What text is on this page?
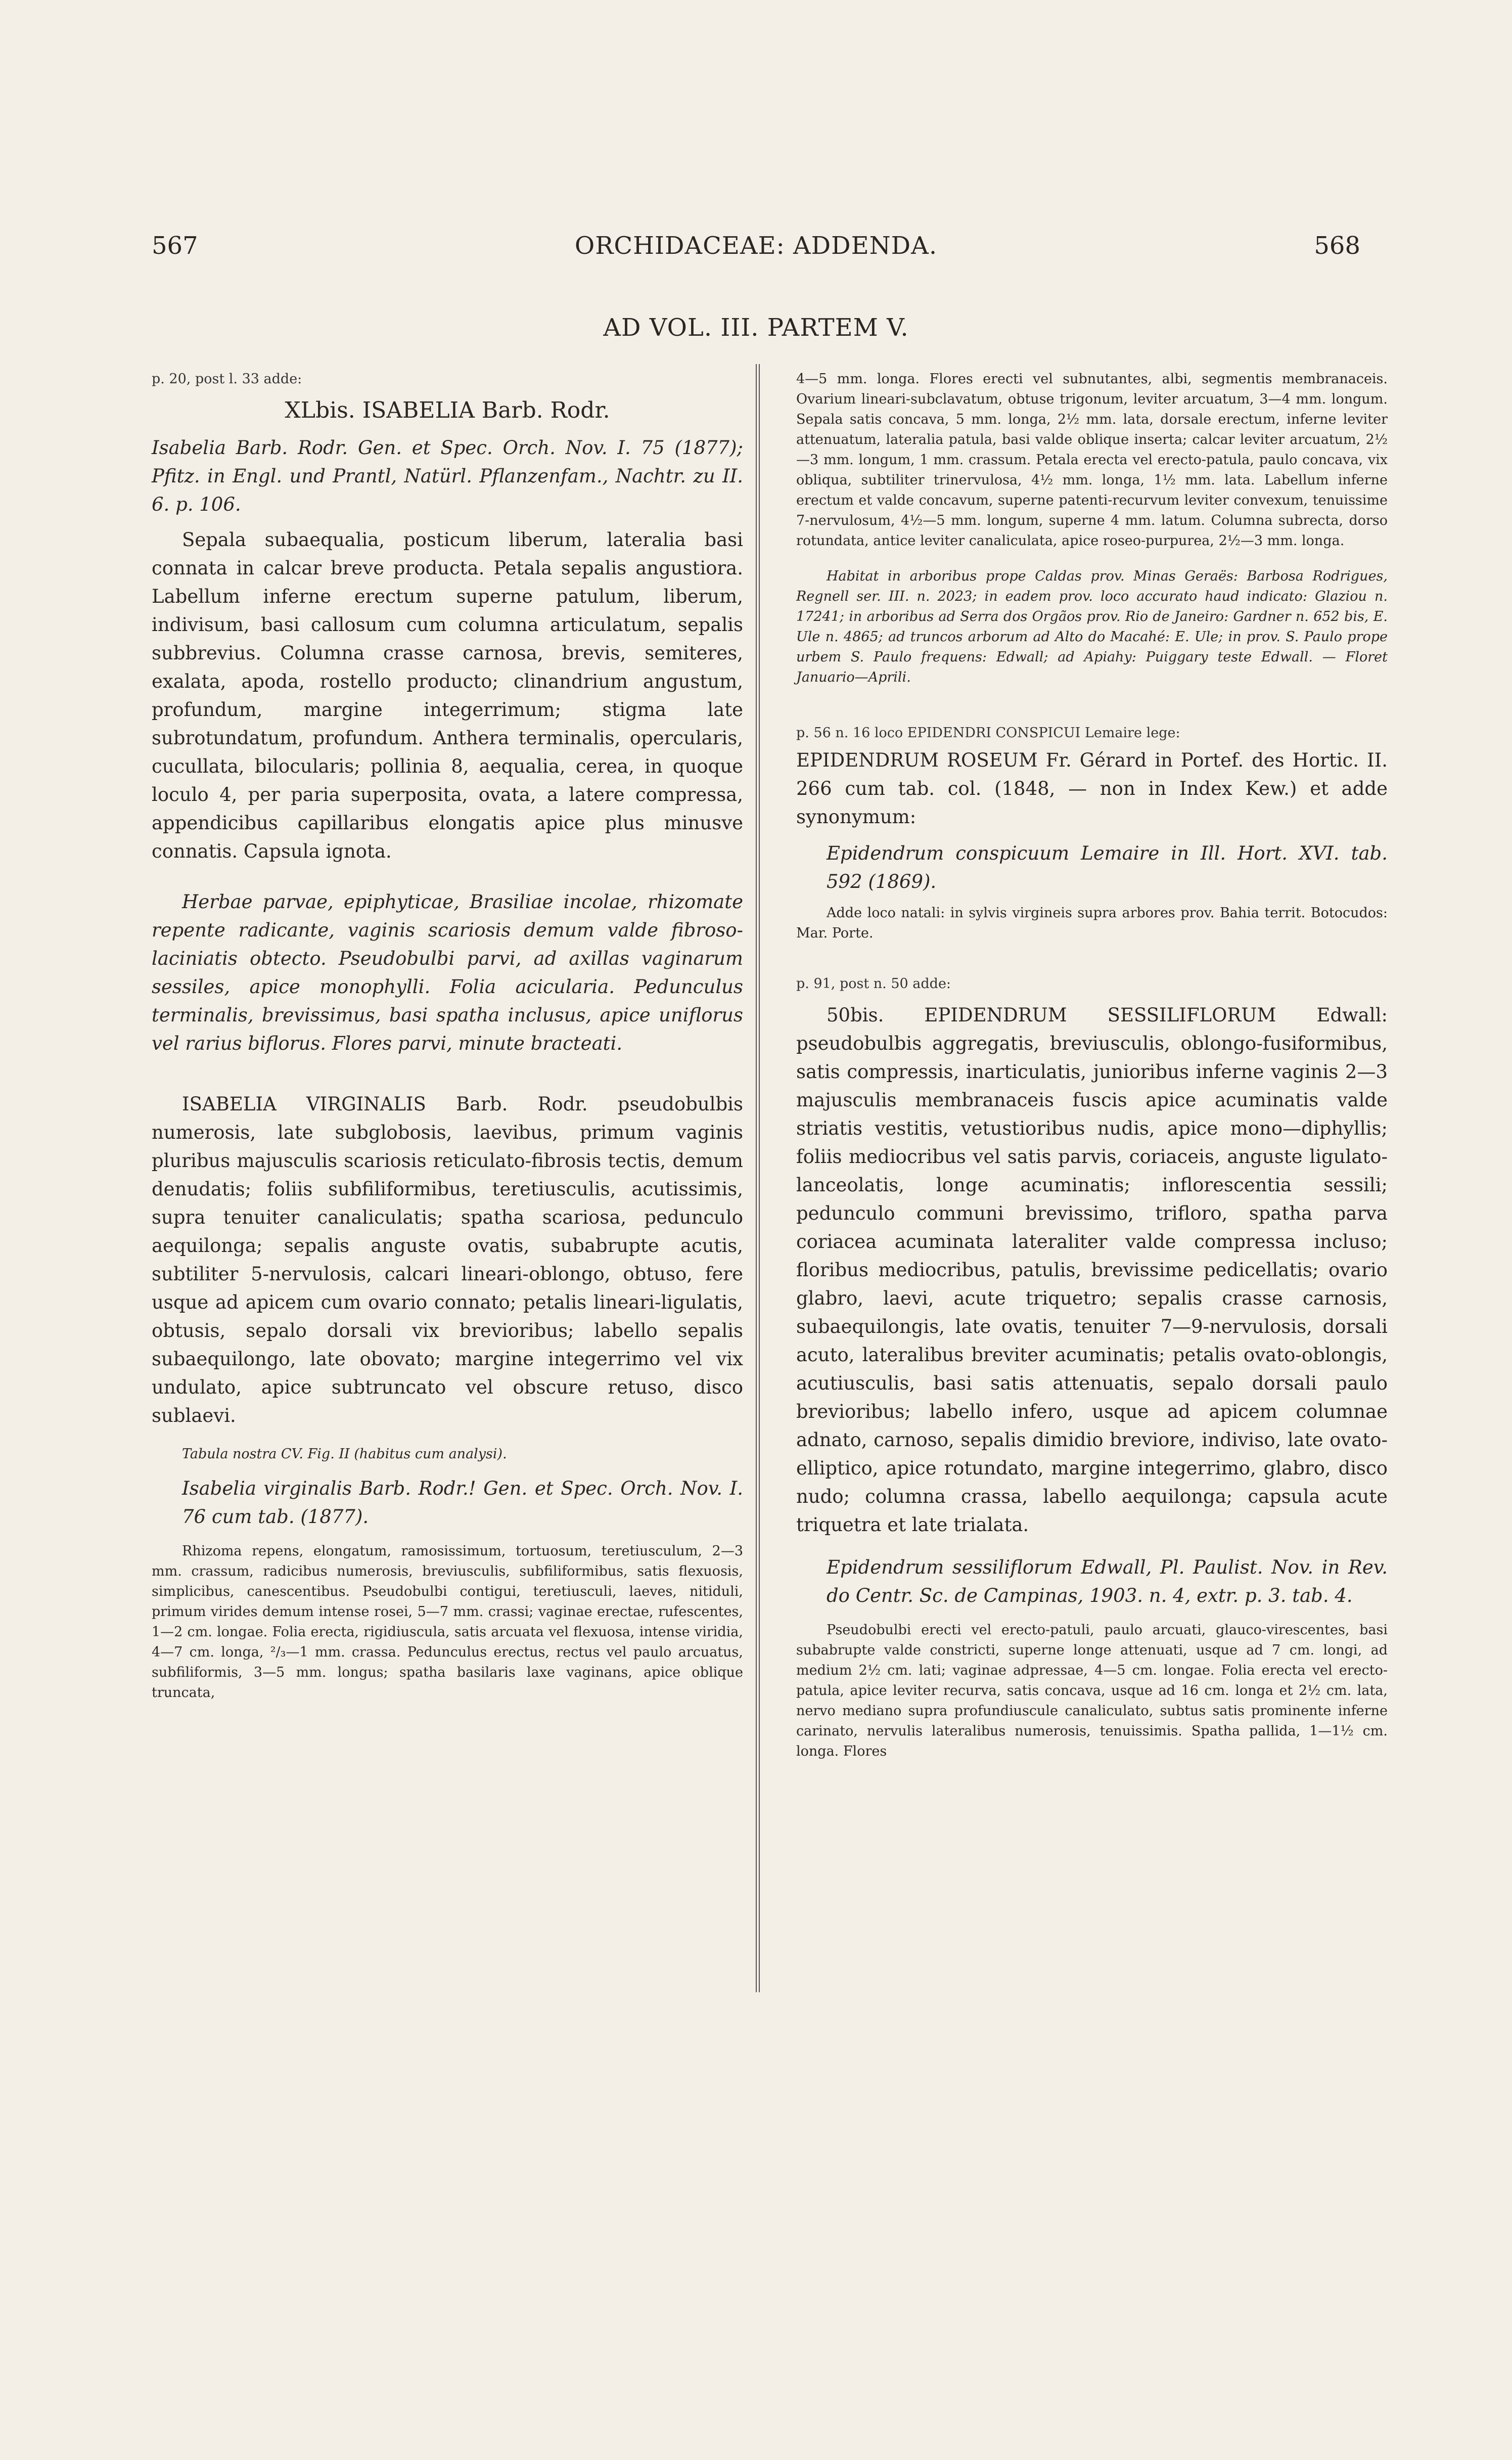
567	ORCHIDACEAE: ADDENDA.	568
AD VOL. III. PARTEM V.

p. 20, post l. 33 adde:

XLbis. ISABELIA Barb. Rodr.

Isabelia Barb. Rodr. Gen. et Spec. Orch. Nov. I. 75 (1877); Pfitz. in Engl. und Prantl, Natürl. Pflanzenfam., Nachtr. zu II. 6. p. 106.

Sepala subaequalia, posticum liberum, lateralia basi connata in calcar breve producta. Petala sepalis angustiora. Labellum inferne erectum superne patulum, liberum, indivisum, basi callosum cum columna articulatum, sepalis subbrevius. Columna crasse carnosa, brevis, semiteres, exalata, apoda, rostello producto; clinandrium angustum, profundum, margine integerrimum; stigma late subrotundatum, profundum. Anthera terminalis, opercularis, cucullata, bilocularis; pollinia 8, aequalia, cerea, in quoque loculo 4, per paria superposita, ovata, a latere compressa, appendicibus capillaribus elongatis apice plus minusve connatis. Capsula ignota.

Herbae parvae, epiphyticae, Brasiliae incolae, rhizomate repente radicante, vaginis scariosis demum valde fibroso-laciniatis obtecto. Pseudobulbi parvi, ad axillas vaginarum sessiles, apice monophylli. Folia acicularia. Pedunculus terminalis, brevissimus, basi spatha inclusus, apice uniflorus vel rarius biflorus. Flores parvi, minute bracteati.

ISABELIA VIRGINALIS Barb. Rodr. pseudobulbis numerosis, late subglobosis, laevibus, primum vaginis pluribus majusculis scariosis reticulato-fibrosis tectis, demum denudatis; foliis subfiliformibus, teretiusculis, acutissimis, supra tenuiter canaliculatis; spatha scariosa, pedunculo aequilonga; sepalis anguste ovatis, subabrupte acutis, subtiliter 5-nervulosis, calcari lineari-oblongo, obtuso, fere usque ad apicem cum ovario connato; petalis lineari-ligulatis, obtusis, sepalo dorsali vix brevioribus; labello sepalis subaequilongo, late obovato; margine integerrimo vel vix undulato, apice subtruncato vel obscure retuso, disco sublaevi.

Tabula nostra CV. Fig. II (habitus cum analysi).

Isabelia virginalis Barb. Rodr.! Gen. et Spec. Orch. Nov. I. 76 cum tab. (1877).

Rhizoma repens, elongatum, ramosissimum, tortuosum, teretiusculum, 2—3 mm. crassum, radicibus numerosis, breviusculis, subfiliformibus, satis flexuosis, simplicibus, canescentibus. Pseudobulbi contigui, teretiusculi, laeves, nitiduli, primum virides demum intense rosei, 5—7 mm. crassi; vaginae erectae, rufescentes, 1—2 cm. longae. Folia erecta, rigidiuscula, satis arcuata vel flexuosa, intense viridia, 4—7 cm. longa, ²/₃—1 mm. crassa. Pedunculus erectus, rectus vel paulo arcuatus, subfiliformis, 3—5 mm. longus; spatha basilaris laxe vaginans, apice oblique truncata,

4—5 mm. longa. Flores erecti vel subnutantes, albi, segmentis membranaceis. Ovarium lineari-subclavatum, obtuse trigonum, leviter arcuatum, 3—4 mm. longum. Sepala satis concava, 5 mm. longa, 2½ mm. lata, dorsale erectum, inferne leviter attenuatum, lateralia patula, basi valde oblique inserta; calcar leviter arcuatum, 2½—3 mm. longum, 1 mm. crassum. Petala erecta vel erecto-patula, paulo concava, vix obliqua, subtiliter trinervulosa, 4½ mm. longa, 1½ mm. lata. Labellum inferne erectum et valde concavum, superne patenti-recurvum leviter convexum, tenuissime 7-nervulosum, 4½—5 mm. longum, superne 4 mm. latum. Columna subrecta, dorso rotundata, antice leviter canaliculata, apice roseo-purpurea, 2½—3 mm. longa.

Habitat in arboribus prope Caldas prov. Minas Geraës: Barbosa Rodrigues, Regnell ser. III. n. 2023; in eadem prov. loco accurato haud indicato: Glaziou n. 17241; in arboribus ad Serra dos Orgãos prov. Rio de Janeiro: Gardner n. 652 bis, E. Ule n. 4865; ad truncos arborum ad Alto do Macahé: E. Ule; in prov. S. Paulo prope urbem S. Paulo frequens: Edwall; ad Apiahy: Puiggary teste Edwall. — Floret Januario—Aprili.

p. 56 n. 16 loco EPIDENDRI CONSPICUI Lemaire lege:

EPIDENDRUM ROSEUM Fr. Gérard in Portef. des Hortic. II. 266 cum tab. col. (1848, — non in Index Kew.) et adde synonymum:

Epidendrum conspicuum Lemaire in Ill. Hort. XVI. tab. 592 (1869).

Adde loco natali: in sylvis virgineis supra arbores prov. Bahia territ. Botocudos: Mar. Porte.

p. 91, post n. 50 adde:

50bis. EPIDENDRUM SESSILIFLORUM Edwall: pseudobulbis aggregatis, breviusculis, oblongo-fusiformibus, satis compressis, inarticulatis, junioribus inferne vaginis 2—3 majusculis membranaceis fuscis apice acuminatis valde striatis vestitis, vetustioribus nudis, apice mono—diphyllis; foliis mediocribus vel satis parvis, coriaceis, anguste ligulato-lanceolatis, longe acuminatis; inflorescentia sessili; pedunculo communi brevissimo, trifloro, spatha parva coriacea acuminata lateraliter valde compressa incluso; floribus mediocribus, patulis, brevissime pedicellatis; ovario glabro, laevi, acute triquetro; sepalis crasse carnosis, subaequilongis, late ovatis, tenuiter 7—9-nervulosis, dorsali acuto, lateralibus breviter acuminatis; petalis ovato-oblongis, acutiusculis, basi satis attenuatis, sepalo dorsali paulo brevioribus; labello infero, usque ad apicem columnae adnato, carnoso, sepalis dimidio breviore, indiviso, late ovato-elliptico, apice rotundato, margine integerrimo, glabro, disco nudo; columna crassa, labello aequilonga; capsula acute triquetra et late trialata.

Epidendrum sessiliflorum Edwall, Pl. Paulist. Nov. in Rev. do Centr. Sc. de Campinas, 1903. n. 4, extr. p. 3. tab. 4.

Pseudobulbi erecti vel erecto-patuli, paulo arcuati, glauco-virescentes, basi subabrupte valde constricti, superne longe attenuati, usque ad 7 cm. longi, ad medium 2½ cm. lati; vaginae adpressae, 4—5 cm. longae. Folia erecta vel erecto-patula, apice leviter recurva, satis concava, usque ad 16 cm. longa et 2½ cm. lata, nervo mediano supra profundiuscule canaliculato, subtus satis prominente inferne carinato, nervulis lateralibus numerosis, tenuissimis. Spatha pallida, 1—1½ cm. longa. Flores
